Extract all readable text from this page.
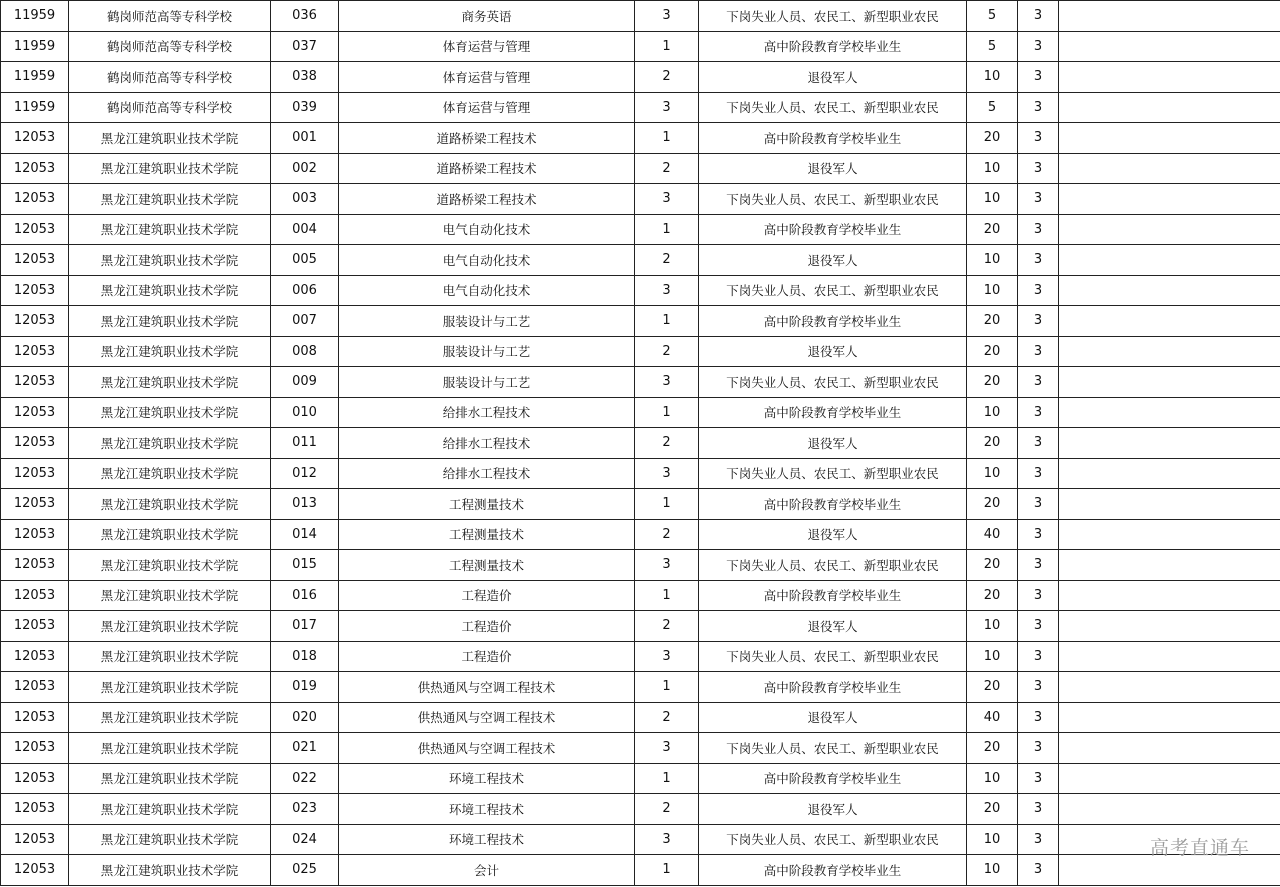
11959	鹤岗师范高等专科学校	036	商务英语	3	下岗失业人员、农民工、新型职业农民	5	3	
11959	鹤岗师范高等专科学校	037	体育运营与管理	1	高中阶段教育学校毕业生	5	3	
11959	鹤岗师范高等专科学校	038	体育运营与管理	2	退役军人	10	3	
11959	鹤岗师范高等专科学校	039	体育运营与管理	3	下岗失业人员、农民工、新型职业农民	5	3	
12053	黑龙江建筑职业技术学院	001	道路桥梁工程技术	1	高中阶段教育学校毕业生	20	3	
12053	黑龙江建筑职业技术学院	002	道路桥梁工程技术	2	退役军人	10	3	
12053	黑龙江建筑职业技术学院	003	道路桥梁工程技术	3	下岗失业人员、农民工、新型职业农民	10	3	
12053	黑龙江建筑职业技术学院	004	电气自动化技术	1	高中阶段教育学校毕业生	20	3	
12053	黑龙江建筑职业技术学院	005	电气自动化技术	2	退役军人	10	3	
12053	黑龙江建筑职业技术学院	006	电气自动化技术	3	下岗失业人员、农民工、新型职业农民	10	3	
12053	黑龙江建筑职业技术学院	007	服装设计与工艺	1	高中阶段教育学校毕业生	20	3	
12053	黑龙江建筑职业技术学院	008	服装设计与工艺	2	退役军人	20	3	
12053	黑龙江建筑职业技术学院	009	服装设计与工艺	3	下岗失业人员、农民工、新型职业农民	20	3	
12053	黑龙江建筑职业技术学院	010	给排水工程技术	1	高中阶段教育学校毕业生	10	3	
12053	黑龙江建筑职业技术学院	011	给排水工程技术	2	退役军人	20	3	
12053	黑龙江建筑职业技术学院	012	给排水工程技术	3	下岗失业人员、农民工、新型职业农民	10	3	
12053	黑龙江建筑职业技术学院	013	工程测量技术	1	高中阶段教育学校毕业生	20	3	
12053	黑龙江建筑职业技术学院	014	工程测量技术	2	退役军人	40	3	
12053	黑龙江建筑职业技术学院	015	工程测量技术	3	下岗失业人员、农民工、新型职业农民	20	3	
12053	黑龙江建筑职业技术学院	016	工程造价	1	高中阶段教育学校毕业生	20	3	
12053	黑龙江建筑职业技术学院	017	工程造价	2	退役军人	10	3	
12053	黑龙江建筑职业技术学院	018	工程造价	3	下岗失业人员、农民工、新型职业农民	10	3	
12053	黑龙江建筑职业技术学院	019	供热通风与空调工程技术	1	高中阶段教育学校毕业生	20	3	
12053	黑龙江建筑职业技术学院	020	供热通风与空调工程技术	2	退役军人	40	3	
12053	黑龙江建筑职业技术学院	021	供热通风与空调工程技术	3	下岗失业人员、农民工、新型职业农民	20	3	
12053	黑龙江建筑职业技术学院	022	环境工程技术	1	高中阶段教育学校毕业生	10	3	
12053	黑龙江建筑职业技术学院	023	环境工程技术	2	退役军人	20	3	
12053	黑龙江建筑职业技术学院	024	环境工程技术	3	下岗失业人员、农民工、新型职业农民	10	3	
12053	黑龙江建筑职业技术学院	025	会计	1	高中阶段教育学校毕业生	10	3	
高考直通车
